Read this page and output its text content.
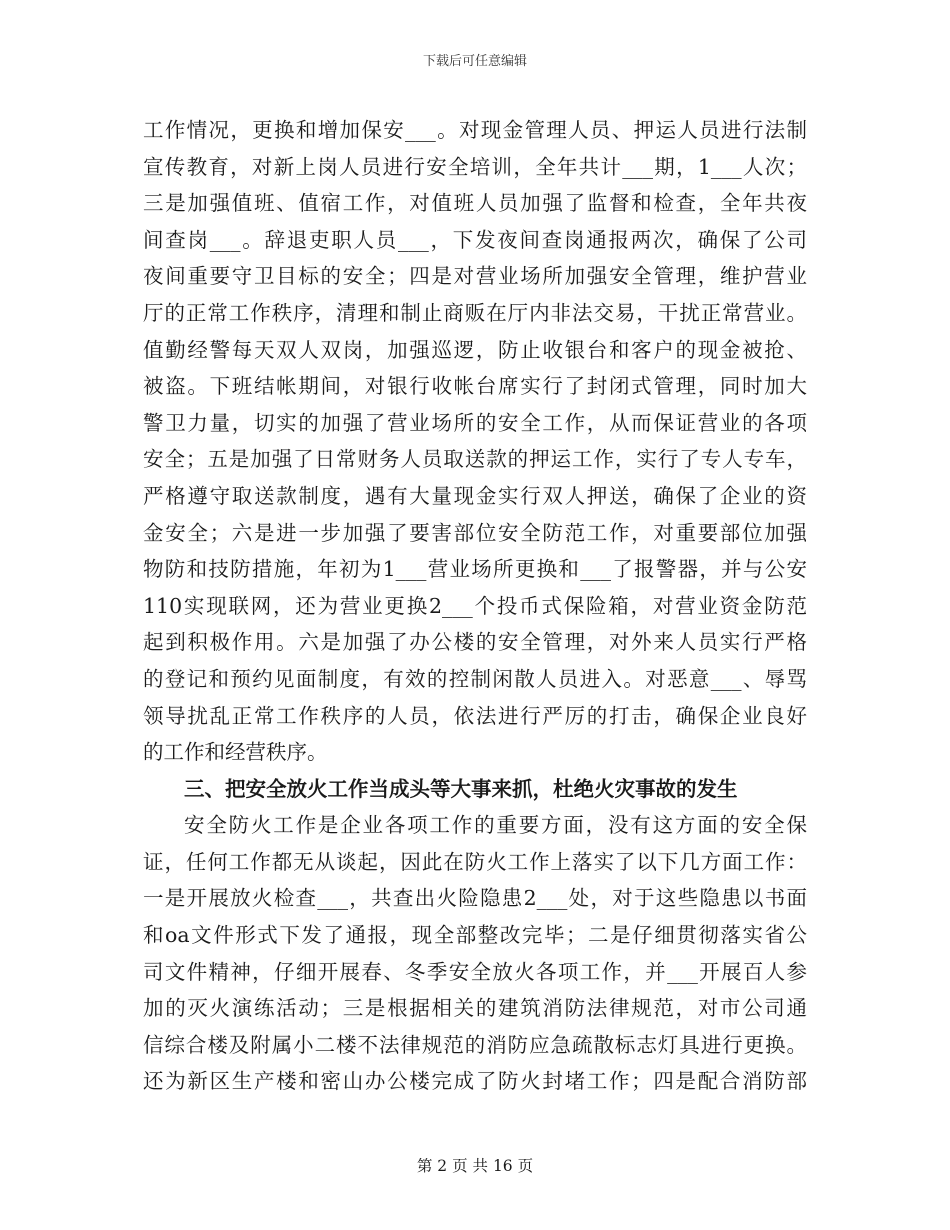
下载后可任意编辑
工作情况，更换和增加保安___。对现金管理人员、押运人员进行法制
宣传教育，对新上岗人员进行安全培训，全年共计___期，1___人次；
三是加强值班、值宿工作，对值班人员加强了监督和检查，全年共夜
间查岗___。辞退吏职人员___，下发夜间查岗通报两次，确保了公司
夜间重要守卫目标的安全；四是对营业场所加强安全管理，维护营业
厅的正常工作秩序，清理和制止商贩在厅内非法交易，干扰正常营业。
值勤经警每天双人双岗，加强巡逻，防止收银台和客户的现金被抢、
被盗。下班结帐期间，对银行收帐台席实行了封闭式管理，同时加大
警卫力量，切实的加强了营业场所的安全工作，从而保证营业的各项
安全；五是加强了日常财务人员取送款的押运工作，实行了专人专车，
严格遵守取送款制度，遇有大量现金实行双人押送，确保了企业的资
金安全；六是进一步加强了要害部位安全防范工作，对重要部位加强
物防和技防措施，年初为1___营业场所更换和___了报警器，并与公安
110实现联网，还为营业更换2___个投币式保险箱，对营业资金防范
起到积极作用。六是加强了办公楼的安全管理，对外来人员实行严格
的登记和预约见面制度，有效的控制闲散人员进入。对恶意___、辱骂
领导扰乱正常工作秩序的人员，依法进行严厉的打击，确保企业良好
的工作和经营秩序。
三、把安全放火工作当成头等大事来抓，杜绝火灾事故的发生
安全防火工作是企业各项工作的重要方面，没有这方面的安全保
证，任何工作都无从谈起，因此在防火工作上落实了以下几方面工作：
一是开展放火检查___，共查出火险隐患2___处，对于这些隐患以书面
和oa文件形式下发了通报，现全部整改完毕；二是仔细贯彻落实省公
司文件精神，仔细开展春、冬季安全放火各项工作，并___开展百人参
加的灭火演练活动；三是根据相关的建筑消防法律规范，对市公司通
信综合楼及附属小二楼不法律规范的消防应急疏散标志灯具进行更换。
还为新区生产楼和密山办公楼完成了防火封堵工作；四是配合消防部
第 2 页 共 16 页
